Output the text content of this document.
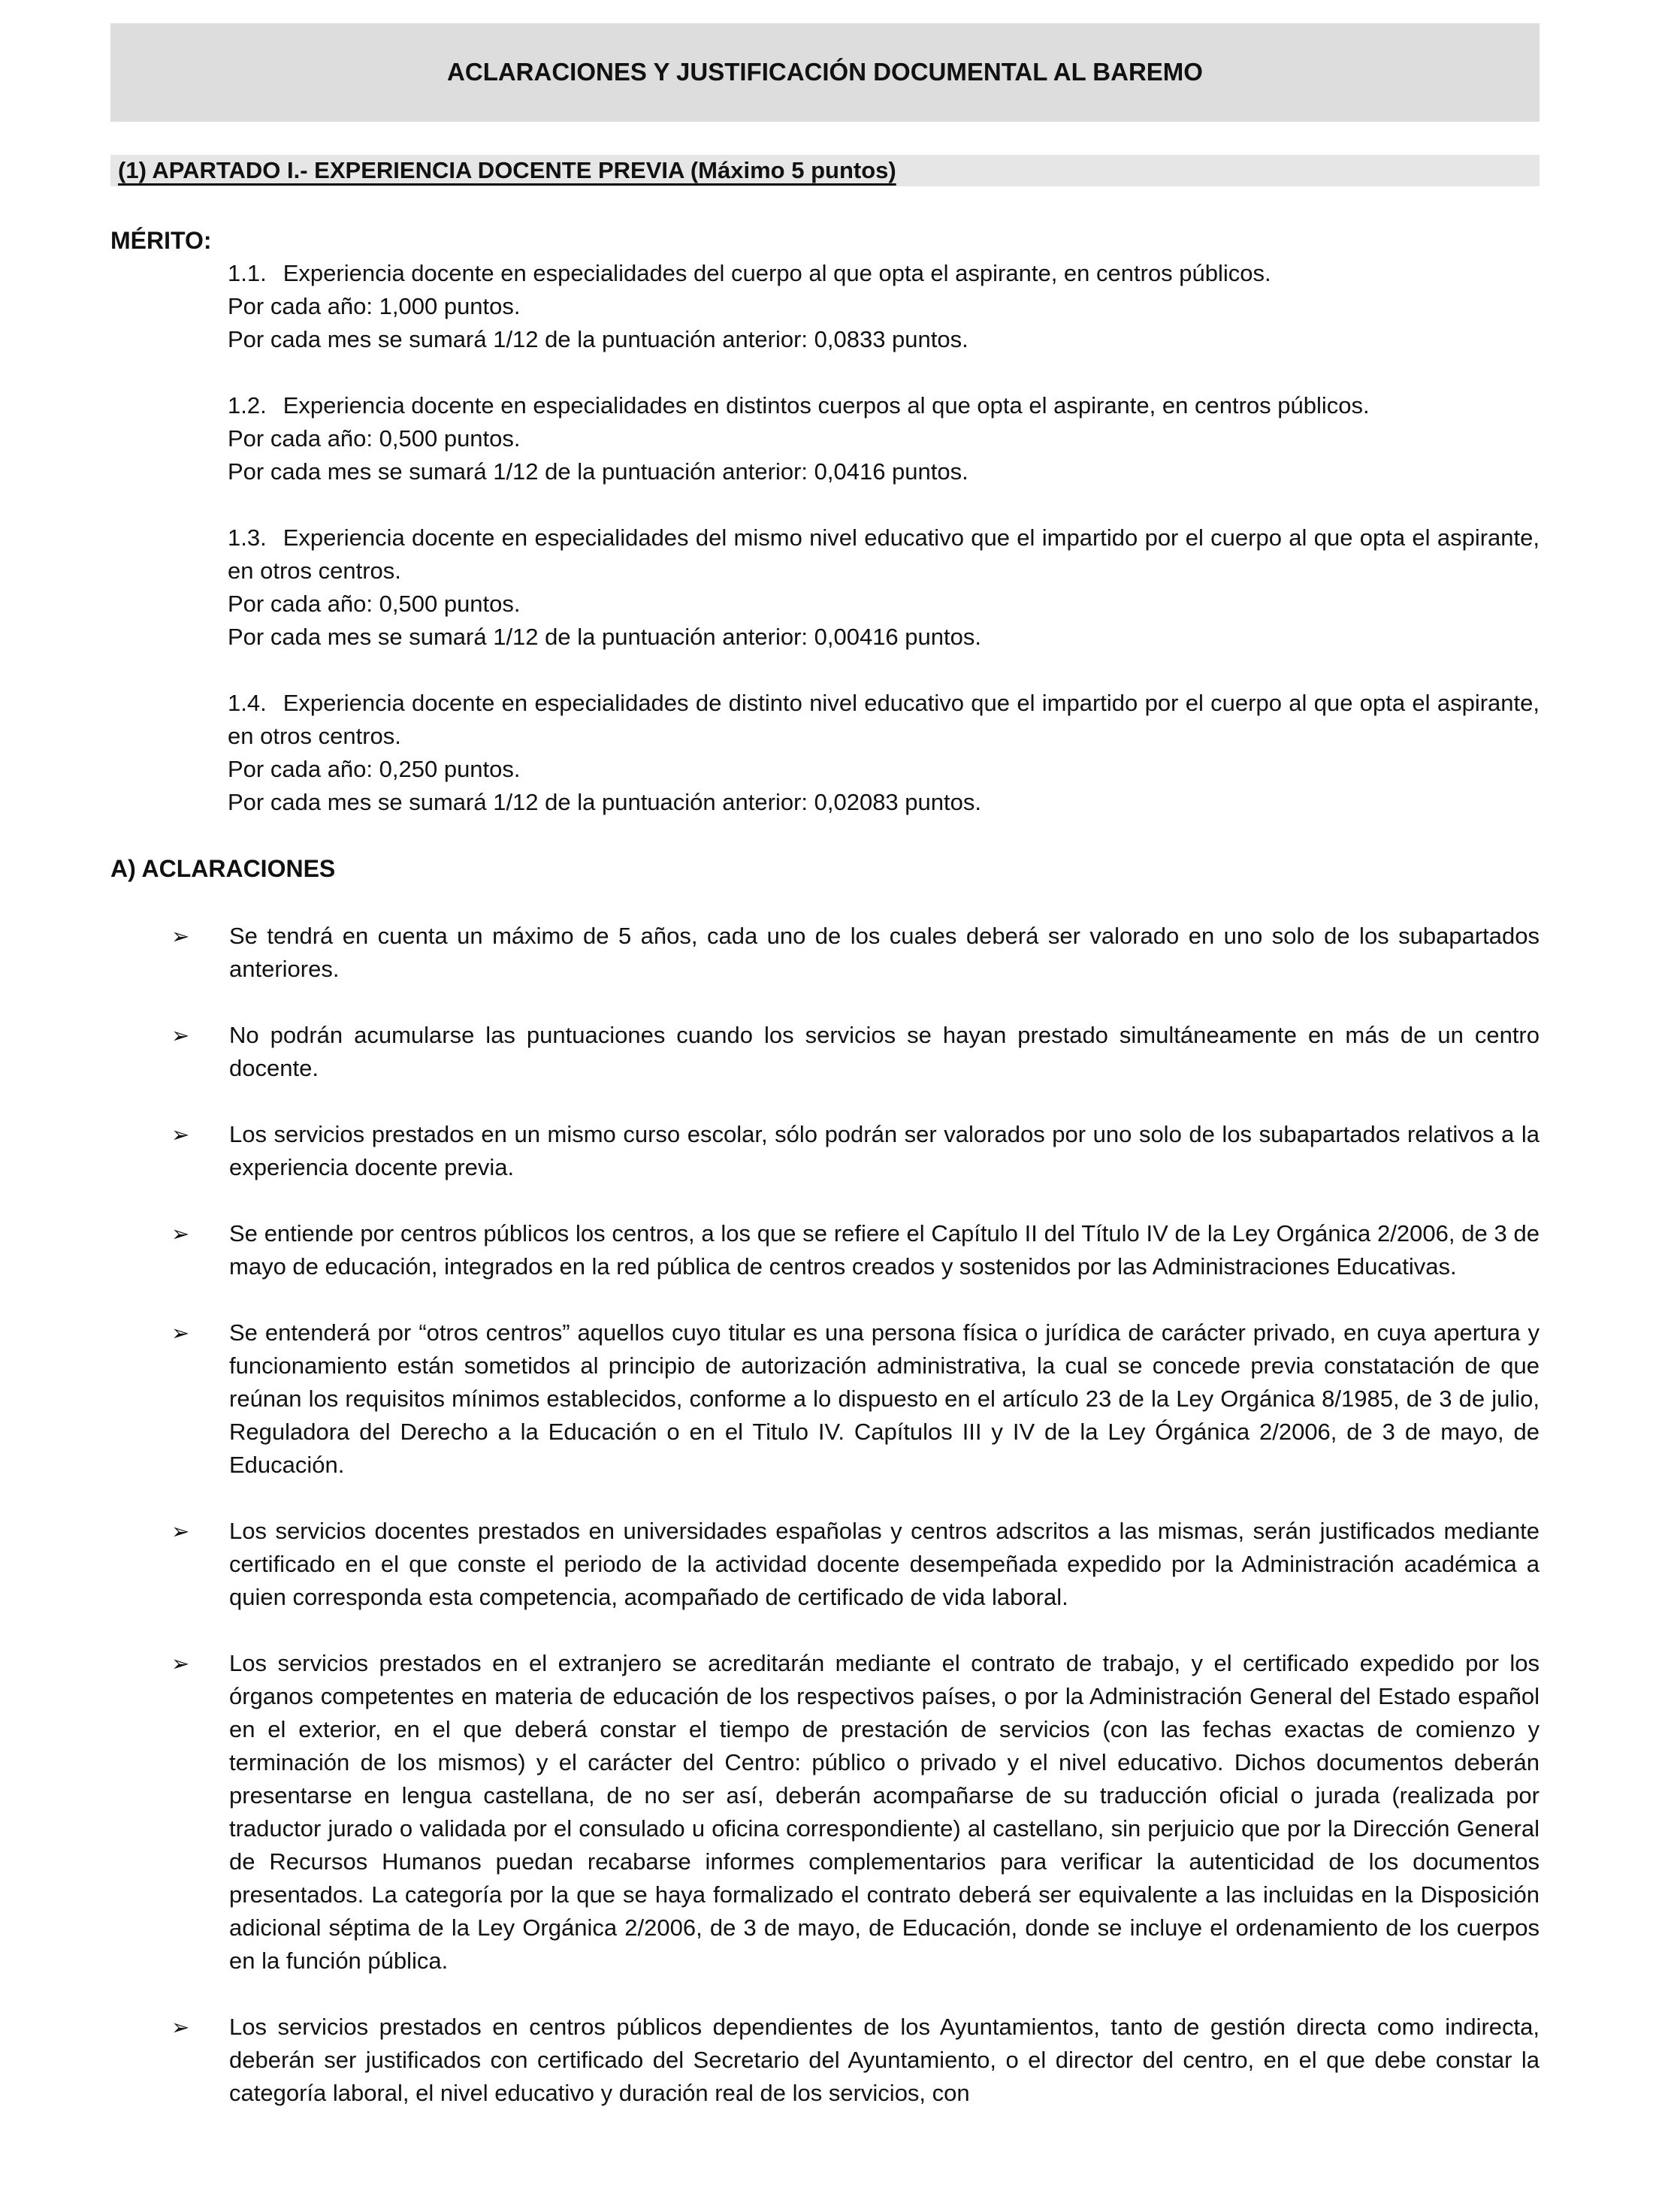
ACLARACIONES Y JUSTIFICACIÓN DOCUMENTAL AL BAREMO
(1) APARTADO I.- EXPERIENCIA DOCENTE PREVIA (Máximo 5 puntos)
MÉRITO:

1.1. Experiencia docente en especialidades del cuerpo al que opta el aspirante, en centros públicos.

Por cada año: 1,000 puntos.

Por cada mes se sumará 1/12 de la puntuación anterior: 0,0833 puntos.

1.2. Experiencia docente en especialidades en distintos cuerpos al que opta el aspirante, en centros públicos.

Por cada año: 0,500 puntos.

Por cada mes se sumará 1/12 de la puntuación anterior: 0,0416 puntos.

1.3. Experiencia docente en especialidades del mismo nivel educativo que el impartido por el cuerpo al que opta el aspirante, en otros centros.

Por cada año: 0,500 puntos.

Por cada mes se sumará 1/12 de la puntuación anterior: 0,00416 puntos.

1.4. Experiencia docente en especialidades de distinto nivel educativo que el impartido por el cuerpo al que opta el aspirante, en otros centros.

Por cada año: 0,250 puntos.

Por cada mes se sumará 1/12 de la puntuación anterior: 0,02083 puntos.

A) ACLARACIONES
➢	Se tendrá en cuenta un máximo de 5 años, cada uno de los cuales deberá ser valorado en uno solo de los subapartados anteriores.

➢	No podrán acumularse las puntuaciones cuando los servicios se hayan prestado simultáneamente en más de un centro docente.

➢	Los servicios prestados en un mismo curso escolar, sólo podrán ser valorados por uno solo de los subapartados relativos a la experiencia docente previa.

➢	Se entiende por centros públicos los centros, a los que se refiere el Capítulo II del Título IV de la Ley Orgánica 2/2006, de 3 de mayo de educación, integrados en la red pública de centros creados y sostenidos por las Administraciones Educativas.

➢	Se entenderá por “otros centros” aquellos cuyo titular es una persona física o jurídica de carácter privado, en cuya apertura y funcionamiento están sometidos al principio de autorización administrativa, la cual se concede previa constatación de que reúnan los requisitos mínimos establecidos, conforme a lo dispuesto en el artículo 23 de la Ley Orgánica 8/1985, de 3 de julio, Reguladora del Derecho a la Educación o en el Titulo IV. Capítulos III y IV de la Ley Órgánica 2/2006, de 3 de mayo, de Educación.

➢	Los servicios docentes prestados en universidades españolas y centros adscritos a las mismas, serán justificados mediante certificado en el que conste el periodo de la actividad docente desempeñada expedido por la Administración académica a quien corresponda esta competencia, acompañado de certificado de vida laboral.

➢	Los servicios prestados en el extranjero se acreditarán mediante el contrato de trabajo, y el certificado expedido por los órganos competentes en materia de educación de los respectivos países, o por la Administración General del Estado español en el exterior, en el que deberá constar el tiempo de prestación de servicios (con las fechas exactas de comienzo y terminación de los mismos) y el carácter del Centro: público o privado y el nivel educativo. Dichos documentos deberán presentarse en lengua castellana, de no ser así, deberán acompañarse de su traducción oficial o jurada (realizada por traductor jurado o validada por el consulado u oficina correspondiente) al castellano, sin perjuicio que por la Dirección General de Recursos Humanos puedan recabarse informes complementarios para verificar la autenticidad de los documentos presentados. La categoría por la que se haya formalizado el contrato deberá ser equivalente a las incluidas en la Disposición adicional séptima de la Ley Orgánica 2/2006, de 3 de mayo, de Educación, donde se incluye el ordenamiento de los cuerpos en la función pública.

➢	Los servicios prestados en centros públicos dependientes de los Ayuntamientos, tanto de gestión directa como indirecta, deberán ser justificados con certificado del Secretario del Ayuntamiento, o el director del centro, en el que debe constar la categoría laboral, el nivel educativo y duración real de los servicios, con
